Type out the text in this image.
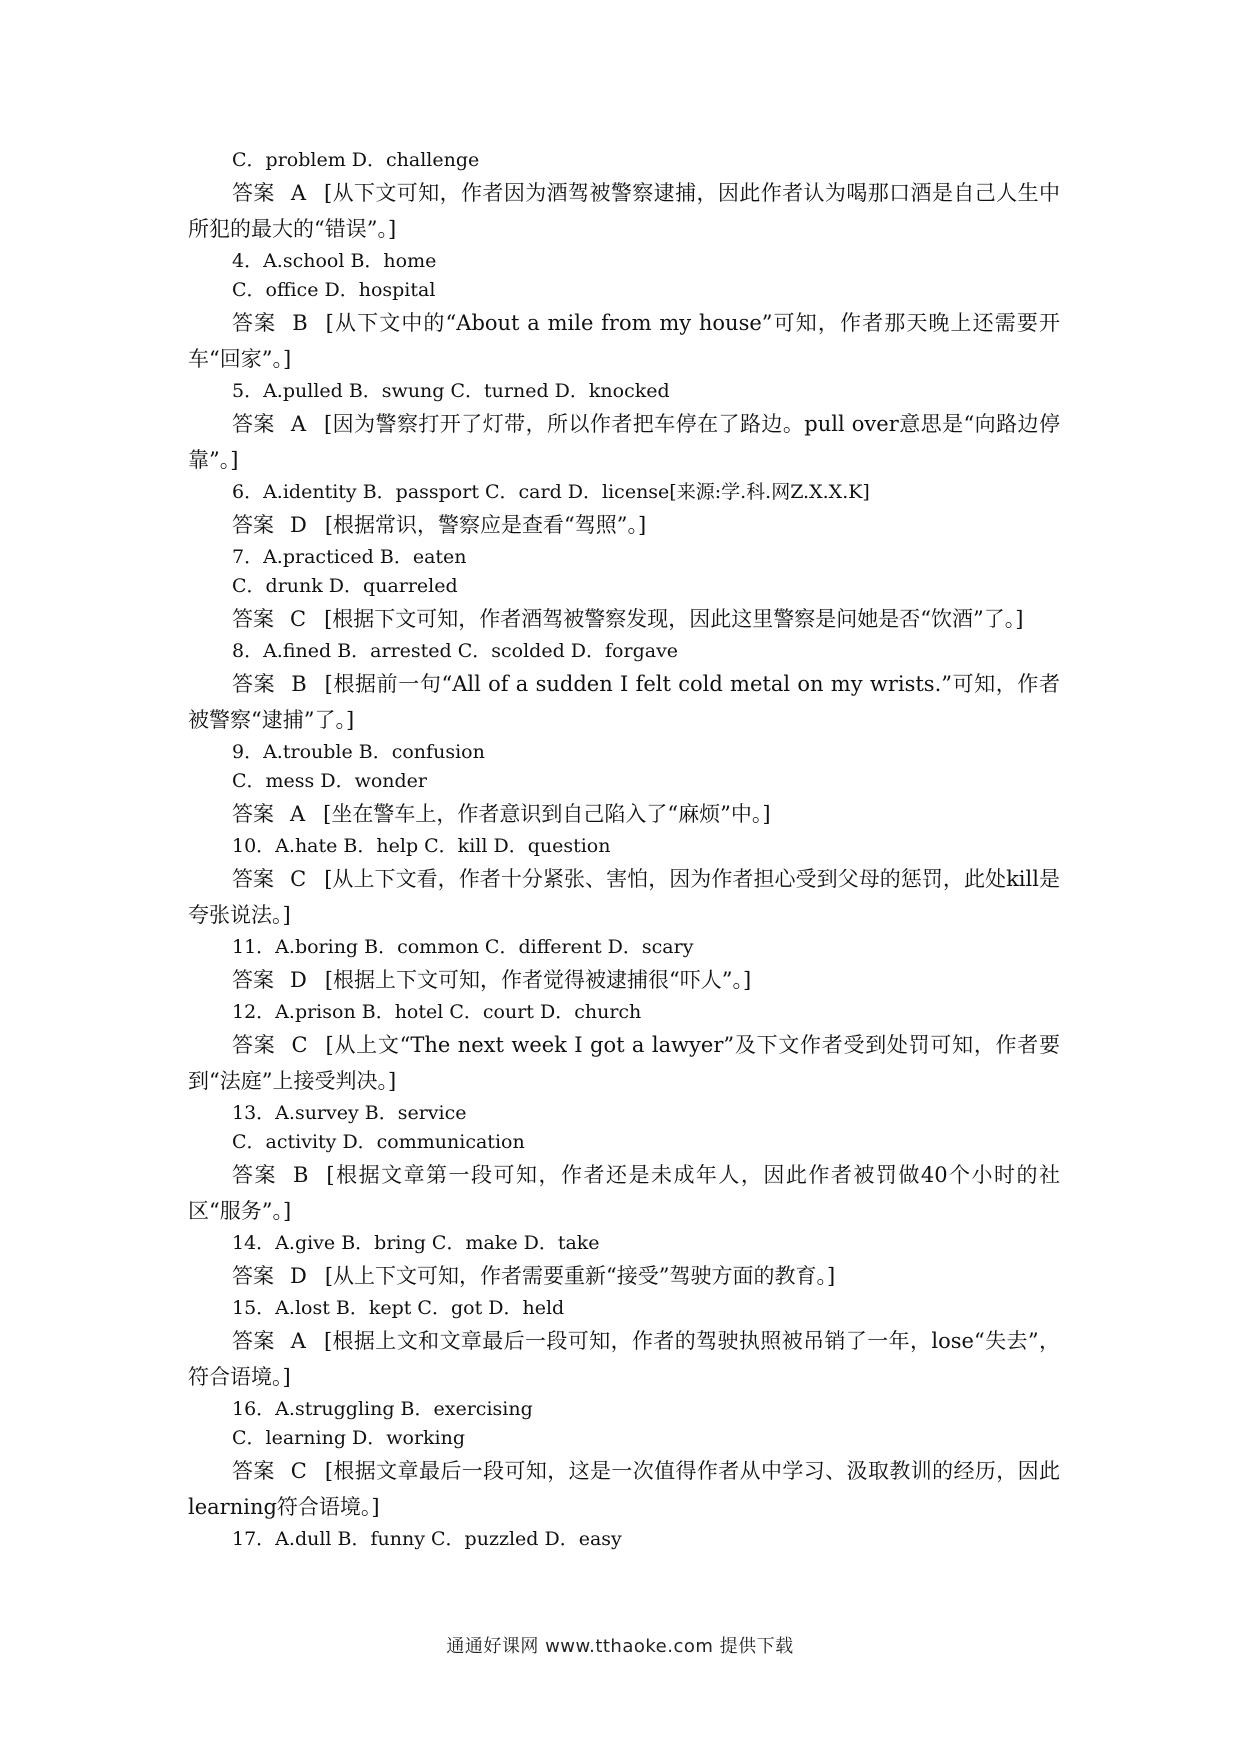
C．problem D．challenge

答案 A [从下文可知，作者因为酒驾被警察逮捕，因此作者认为喝那口酒是自己人生中所犯的最大的“错误”。]

4．A.school B．home

C．office D．hospital

答案 B [从下文中的“About a mile from my house”可知，作者那天晚上还需要开车“回家”。]

5．A.pulled B．swung C．turned D．knocked

答案 A [因为警察打开了灯带，所以作者把车停在了路边。pull over意思是“向路边停靠”。]

6．A.identity B．passport C．card D．license[来源:学.科.网Z.X.X.K]

答案 D [根据常识，警察应是查看“驾照”。]

7．A.practiced B．eaten

C．drunk D．quarreled

答案 C [根据下文可知，作者酒驾被警察发现，因此这里警察是问她是否“饮酒”了。]

8．A.fined B．arrested C．scolded D．forgave

答案 B [根据前一句“All of a sudden I felt cold metal on my wrists.”可知，作者被警察“逮捕”了。]

9．A.trouble B．confusion

C．mess D．wonder

答案 A [坐在警车上，作者意识到自己陷入了“麻烦”中。]

10．A.hate B．help C．kill D．question

答案 C [从上下文看，作者十分紧张、害怕，因为作者担心受到父母的惩罚，此处kill是夸张说法。]

11．A.boring B．common C．different D．scary

答案 D [根据上下文可知，作者觉得被逮捕很“吓人”。]

12．A.prison B．hotel C．court D．church

答案 C [从上文“The next week I got a lawyer”及下文作者受到处罚可知，作者要到“法庭”上接受判决。]

13．A.survey B．service

C．activity D．communication

答案 B [根据文章第一段可知，作者还是未成年人，因此作者被罚做40个小时的社区“服务”。]

14．A.give B．bring C．make D．take

答案 D [从上下文可知，作者需要重新“接受”驾驶方面的教育。]

15．A.lost B．kept C．got D．held

答案 A [根据上文和文章最后一段可知，作者的驾驶执照被吊销了一年，lose“失去”，符合语境。]

16．A.struggling B．exercising

C．learning D．working

答案 C [根据文章最后一段可知，这是一次值得作者从中学习、汲取教训的经历，因此learning符合语境。]

17．A.dull B．funny C．puzzled D．easy

通通好课网 www.tthaoke.com 提供下载
